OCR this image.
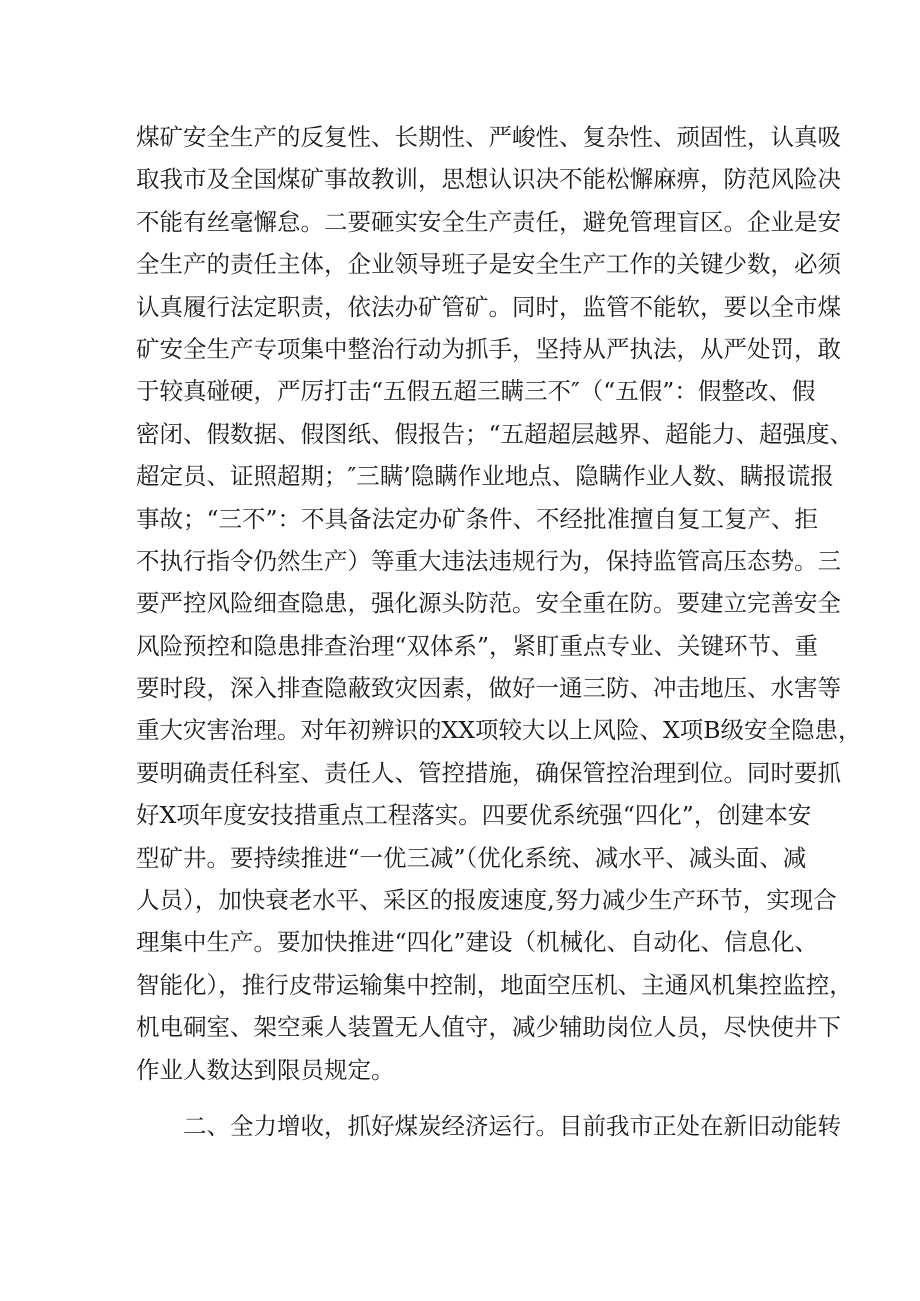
煤矿安全生产的反复性、长期性、严峻性、复杂性、顽固性，认真吸
取我市及全国煤矿事故教训，思想认识决不能松懈麻痹，防范风险决
不能有丝毫懈怠。二要砸实安全生产责任，避免管理盲区。企业是安
全生产的责任主体，企业领导班子是安全生产工作的关键少数，必须
认真履行法定职责，依法办矿管矿。同时，监管不能软，要以全市煤
矿安全生产专项集中整治行动为抓手，坚持从严执法，从严处罚，敢
于较真碰硬，严厉打击“五假五超三瞒三不″（“五假”：假整改、假
密闭、假数据、假图纸、假报告；“五超超层越界、超能力、超强度、
超定员、证照超期；″三瞒’隐瞒作业地点、隐瞒作业人数、瞒报谎报
事故；“三不”：不具备法定办矿条件、不经批准擅自复工复产、拒
不执行指令仍然生产）等重大违法违规行为，保持监管高压态势。三
要严控风险细查隐患，强化源头防范。安全重在防。要建立完善安全
风险预控和隐患排查治理“双体系”，紧盯重点专业、关键环节、重
要时段，深入排查隐蔽致灾因素，做好一通三防、冲击地压、水害等
重大灾害治理。对年初辨识的XX项较大以上风险、X项B级安全隐患，
要明确责任科室、责任人、管控措施，确保管控治理到位。同时要抓
好X项年度安技措重点工程落实。四要优系统强“四化”，创建本安
型矿井。要持续推进“一优三减”（优化系统、减水平、减头面、减
人员），加快衰老水平、采区的报废速度,努力减少生产环节，实现合
理集中生产。要加快推进“四化”建设（机械化、自动化、信息化、
智能化），推行皮带运输集中控制，地面空压机、主通风机集控监控，
机电硐室、架空乘人装置无人值守，减少辅助岗位人员，尽快使井下
作业人数达到限员规定。
二、全力增收，抓好煤炭经济运行。目前我市正处在新旧动能转
